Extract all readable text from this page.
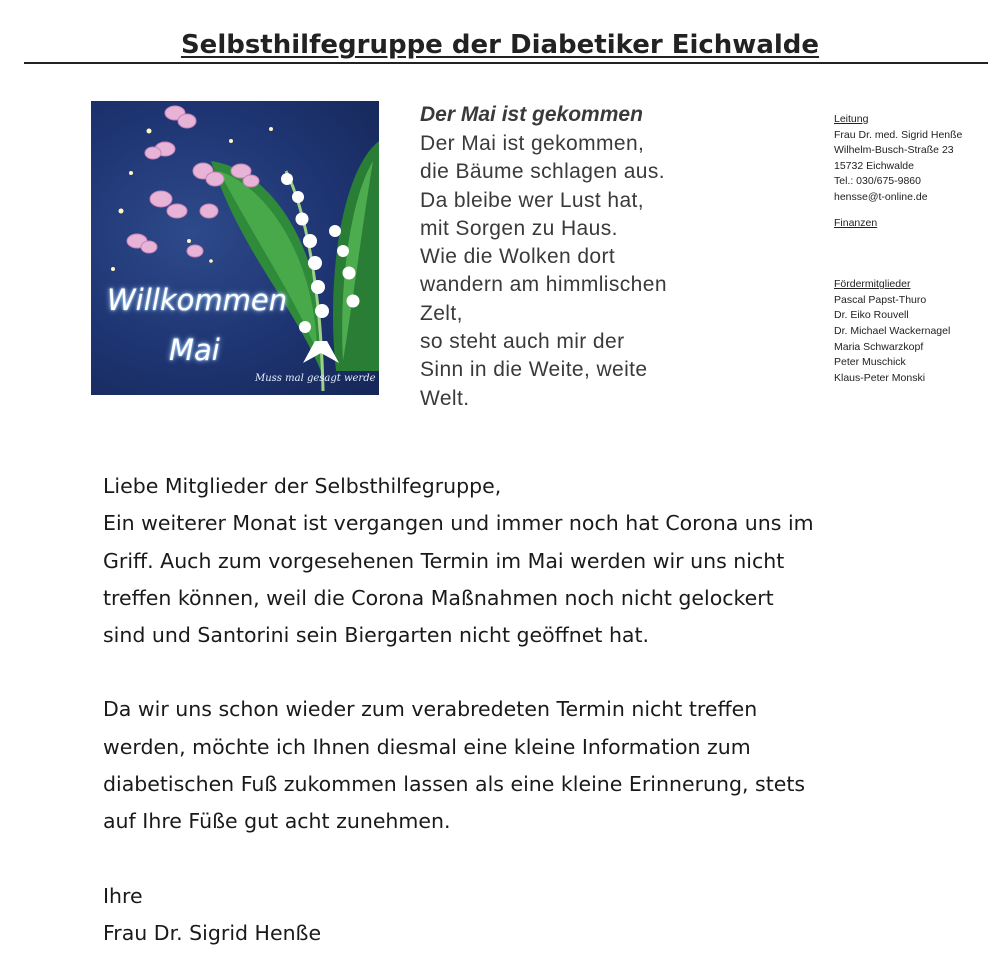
Selbsthilfegruppe der Diabetiker Eichwalde
Willkommen
Mai
Muss mal gesagt werde
Der Mai ist gekommen
Der Mai ist gekommen,
die Bäume schlagen aus.
Da bleibe wer Lust hat,
mit Sorgen zu Haus.
Wie die Wolken dort
wandern am himmlischen
Zelt,
so steht auch mir der
Sinn in die Weite, weite
Welt.
Leitung
Frau Dr. med. Sigrid Henße
Wilhelm-Busch-Straße 23
15732 Eichwalde
Tel.: 030/675-9860
hensse@t-online.de
Finanzen
Fördermitglieder
Pascal Papst-Thuro
Dr. Eiko Rouvell
Dr. Michael Wackernagel
Maria Schwarzkopf
Peter Muschick
Klaus-Peter Monski
Liebe Mitglieder der Selbsthilfegruppe,
Ein weiterer Monat ist vergangen und immer noch hat Corona uns im
Griff. Auch zum vorgesehenen Termin im Mai werden wir uns nicht
treffen können, weil die Corona Maßnahmen noch nicht gelockert
sind und Santorini sein Biergarten nicht geöffnet hat.
Da wir uns schon wieder zum verabredeten Termin nicht treffen
werden, möchte ich Ihnen diesmal eine kleine Information zum
diabetischen Fuß zukommen lassen als eine kleine Erinnerung, stets
auf Ihre Füße gut acht zunehmen.
Ihre
Frau Dr. Sigrid Henße
